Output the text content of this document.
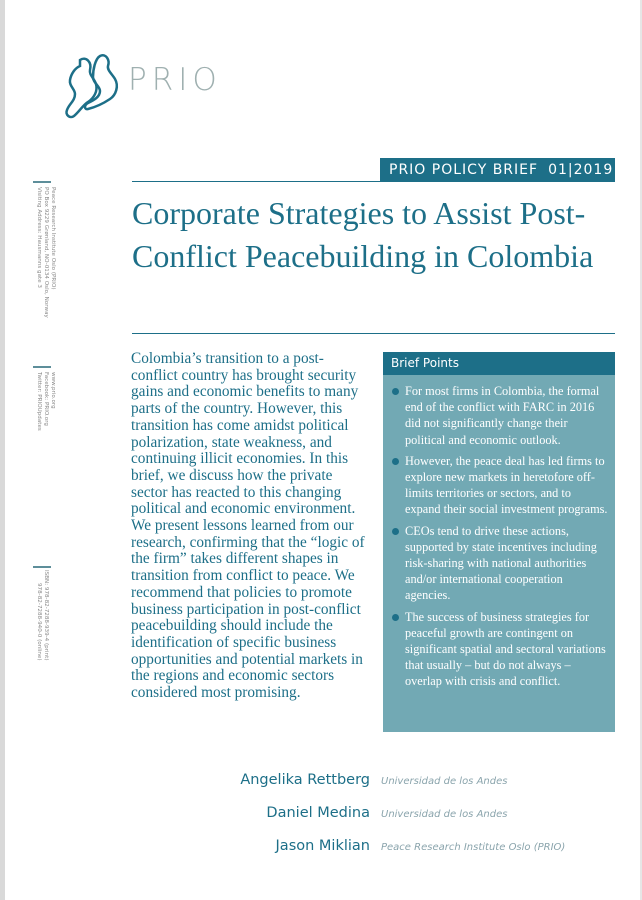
PRIO
PRIO POLICY BRIEF 01|2019
Peace Research Institute Oslo (PRIO)
PO Box 9229 Grønland, NO-0134 Oslo, Norway
Visiting Address: Hausmanns gate 3
www.prio.org
Facebook: PRIO.org
Twitter: PRIOUpdates
ISBN: 978-82-7288-939-4 (print)
978-82-7288-940-0 (online)
Corporate Strategies to Assist Post-Conflict Peacebuilding in Colombia

Colombia’s transition to a post-conflict country has brought security gains and economic benefits to many parts of the country. However, this transition has come amidst political polarization, state weakness, and continuing illicit economies. In this brief, we discuss how the private sector has reacted to this changing political and economic environment. We present lessons learned from our research, confirming that the “logic of the firm” takes different shapes in transition from conflict to peace. We recommend that policies to promote business participation in post-conflict peacebuilding should include the identification of specific business opportunities and potential markets in the regions and economic sectors considered most promising.

Brief Points
For most firms in Colombia, the formal end of the conflict with FARC in 2016 did not significantly change their political and economic outlook.
However, the peace deal has led firms to explore new markets in heretofore off-limits territories or sectors, and to expand their social investment programs.
CEOs tend to drive these actions, supported by state incentives including risk-sharing with national authorities and/or international cooperation agencies.
The success of business strategies for peaceful growth are contingent on significant spatial and sectoral variations that usually – but do not always – overlap with crisis and conflict.
Angelika Rettberg Universidad de los Andes
Daniel Medina Universidad de los Andes
Jason Miklian Peace Research Institute Oslo (PRIO)
